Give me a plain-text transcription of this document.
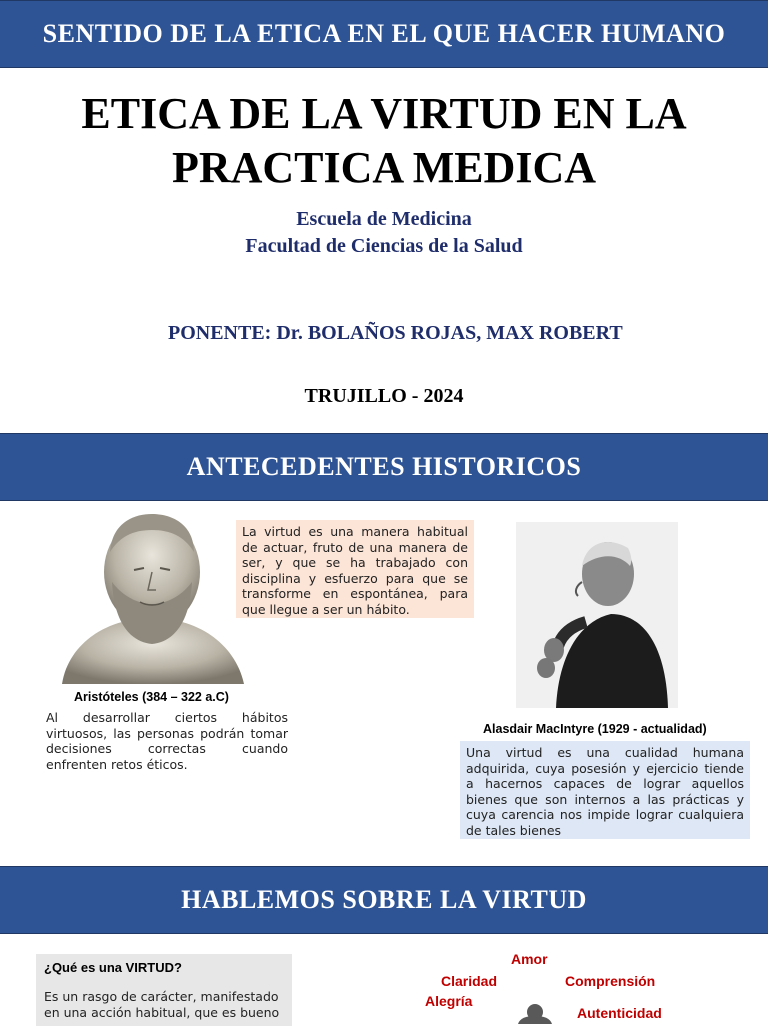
SENTIDO DE LA ETICA EN EL QUE HACER HUMANO
ETICA DE LA VIRTUD EN LA
PRACTICA MEDICA
Escuela de Medicina
Facultad de Ciencias de la Salud
PONENTE: Dr. BOLAÑOS ROJAS, MAX ROBERT
TRUJILLO - 2024
ANTECEDENTES HISTORICOS
La virtud es una manera habitual de actuar, fruto de una manera de ser, y que se ha trabajado con disciplina y esfuerzo para que se transforme en espontánea, para que llegue a ser un hábito.
Aristóteles (384 – 322 a.C)
Al desarrollar ciertos hábitos virtuosos, las personas podrán tomar decisiones correctas cuando enfrenten retos éticos.
Alasdair MacIntyre (1929 - actualidad)
Una virtud es una cualidad humana adquirida, cuya posesión y ejercicio tiende a hacernos capaces de lograr aquellos bienes que son internos a las prácticas y cuya carencia nos impide lograr cualquiera de tales bienes
HABLEMOS SOBRE LA VIRTUD
¿Qué es una VIRTUD?
Es un rasgo de carácter, manifestado en una acción habitual, que es bueno
Amor
Claridad	Comprensión
Alegría
Autenticidad
